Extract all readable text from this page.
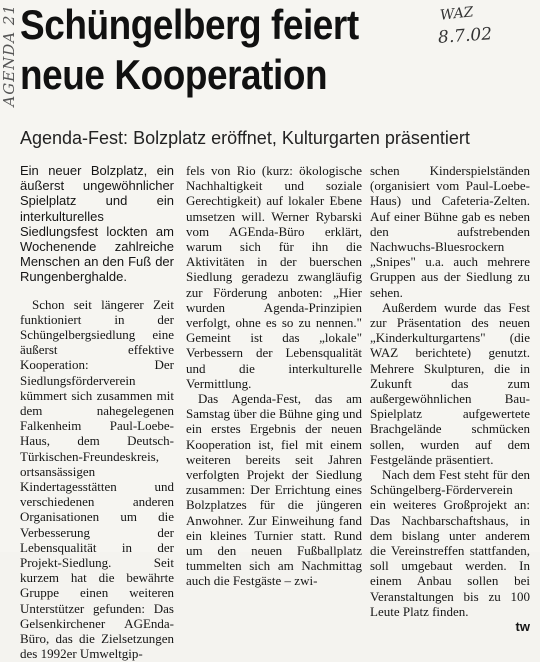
AGENDA 21 Schüngelberg feiert
neue Kooperation
WAZ
8.7.02
Agenda-Fest: Bolzplatz eröffnet, Kulturgarten präsentiert

Ein neuer Bolzplatz, ein äußerst ungewöhnlicher Spielplatz und ein interkulturelles Siedlungsfest lockten am Wochenende zahlreiche Menschen an den Fuß der Rungenberghalde.

Schon seit längerer Zeit funktioniert in der Schüngelbergsiedlung eine äußerst effektive Kooperation: Der Siedlungsförderverein kümmert sich zusammen mit dem nahegelegenen Falkenheim Paul-Loebe-Haus, dem Deutsch-Türkischen-Freundeskreis, ortsansässigen Kindertagesstätten und verschiedenen anderen Organisationen um die Verbesserung der Lebensqualität in der Projekt-Siedlung. Seit kurzem hat die bewährte Gruppe einen weiteren Unterstützer gefunden: Das Gelsenkirchener AGEnda-Büro, das die Zielsetzungen des 1992er Umweltgip-

fels von Rio (kurz: ökologische Nachhaltigkeit und soziale Gerechtigkeit) auf lokaler Ebene umsetzen will. Werner Rybarski vom AGEnda-Büro erklärt, warum sich für ihn die Aktivitäten in der buerschen Siedlung geradezu zwangläufig zur Förderung anboten: „Hier wurden Agenda-Prinzipien verfolgt, ohne es so zu nennen." Gemeint ist das „lokale" Verbessern der Lebensqualität und die interkulturelle Vermittlung.

Das Agenda-Fest, das am Samstag über die Bühne ging und ein erstes Ergebnis der neuen Kooperation ist, fiel mit einem weiteren bereits seit Jahren verfolgten Projekt der Siedlung zusammen: Der Errichtung eines Bolzplatzes für die jüngeren Anwohner. Zur Einweihung fand ein kleines Turnier statt. Rund um den neuen Fußballplatz tummelten sich am Nachmittag auch die Festgäste – zwi-

schen Kinderspielständen (organisiert vom Paul-Loebe-Haus) und Cafeteria-Zelten. Auf einer Bühne gab es neben den aufstrebenden Nachwuchs-Bluesrockern „Snipes" u.a. auch mehrere Gruppen aus der Siedlung zu sehen.

Außerdem wurde das Fest zur Präsentation des neuen „Kinderkulturgartens" (die WAZ berichtete) genutzt. Mehrere Skulpturen, die in Zukunft das zum außergewöhnlichen Bau-Spielplatz aufgewertete Brachgelände schmücken sollen, wurden auf dem Festgelände präsentiert.

Nach dem Fest steht für den Schüngelberg-Förderverein ein weiteres Großprojekt an: Das Nachbarschaftshaus, in dem bislang unter anderem die Vereinstreffen stattfanden, soll umgebaut werden. In einem Anbau sollen bei Veranstaltungen bis zu 100 Leute Platz finden.

tw
